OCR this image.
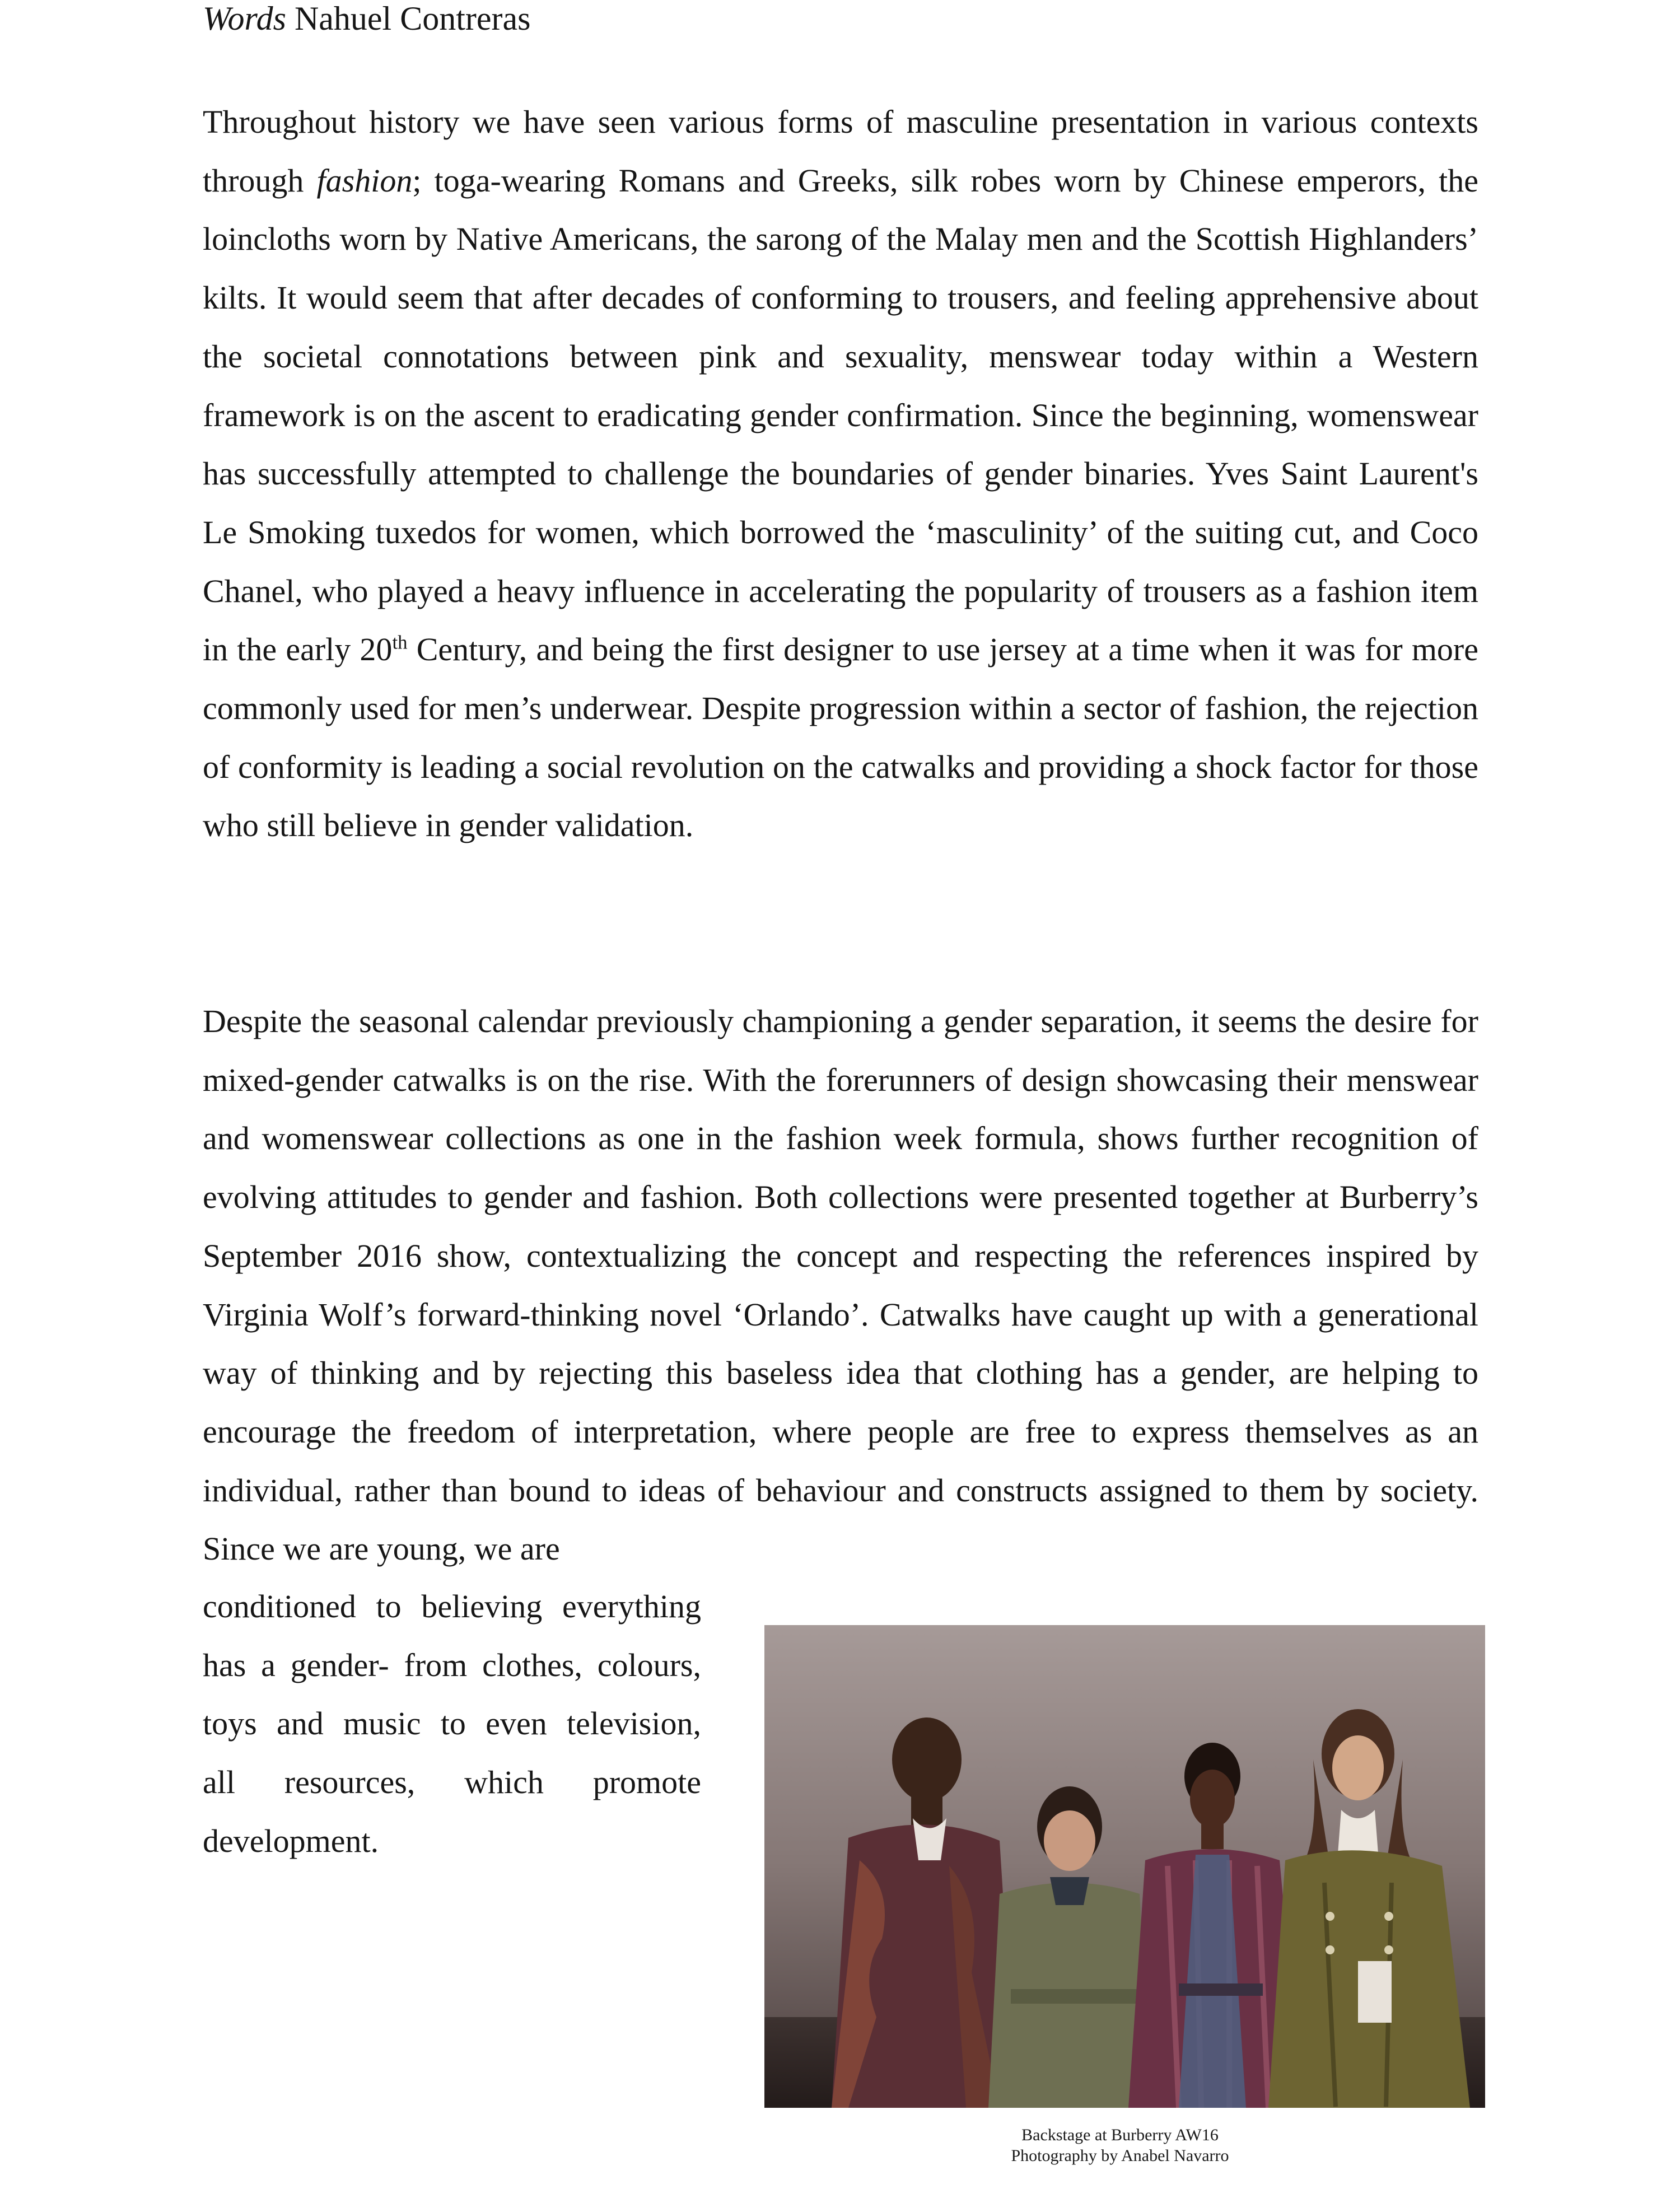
Words Nahuel Contreras

Throughout history we have seen various forms of masculine presentation in various contexts through fashion; toga-wearing Romans and Greeks, silk robes worn by Chinese emperors, the loincloths worn by Native Americans, the sarong of the Malay men and the Scottish Highlanders’ kilts. It would seem that after decades of conforming to trousers, and feeling apprehensive about the societal connotations between pink and sexuality, menswear today within a Western framework is on the ascent to eradicating gender confirmation. Since the beginning, womenswear has successfully attempted to challenge the boundaries of gender binaries. Yves Saint Laurent's Le Smoking tuxedos for women, which borrowed the ‘masculinity’ of the suiting cut, and Coco Chanel, who played a heavy influence in accelerating the popularity of trousers as a fashion item in the early 20th Century, and being the first designer to use jersey at a time when it was for more commonly used for men’s underwear. Despite progression within a sector of fashion, the rejection of conformity is leading a social revolution on the catwalks and providing a shock factor for those who still believe in gender validation.

Despite the seasonal calendar previously championing a gender separation, it seems the desire for mixed-gender catwalks is on the rise. With the forerunners of design showcasing their menswear and womenswear collections as one in the fashion week formula, shows further recognition of evolving attitudes to gender and fashion. Both collections were presented together at Burberry’s September 2016 show, contextualizing the concept and respecting the references inspired by Virginia Wolf’s forward-thinking novel ‘Orlando’. Catwalks have caught up with a generational way of thinking and by rejecting this baseless idea that clothing has a gender, are helping to encourage the freedom of interpretation, where people are free to express themselves as an individual, rather than bound to ideas of behaviour and constructs assigned to them by society. Since we are young, we are

conditioned to believing everything
has a gender- from clothes, colours,
toys and music to even television,
all resources, which promote
development.

Backstage at Burberry AW16

Photography by Anabel Navarro
